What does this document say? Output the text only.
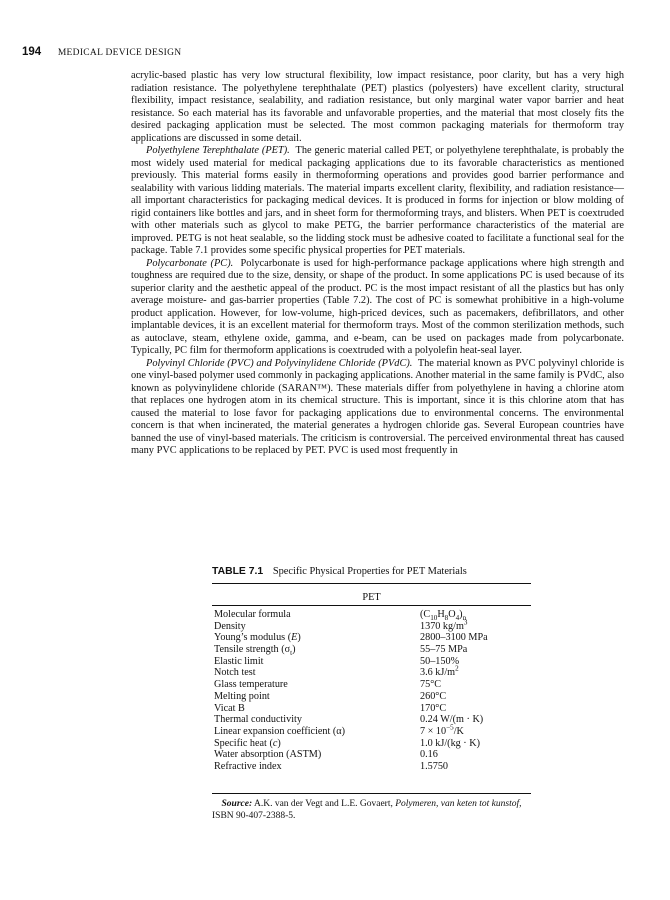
194 MEDICAL DEVICE DESIGN

acrylic-based plastic has very low structural flexibility, low impact resistance, poor clarity, but has a very high radiation resistance. The polyethylene terephthalate (PET) plastics (polyesters) have excellent clarity, structural flexibility, impact resistance, sealability, and radiation resistance, but only marginal water vapor barrier and heat resistance. So each material has its favorable and unfavorable properties, and the material that most closely fits the desired packaging application must be selected. The most common packaging materials for thermoform tray applications are discussed in some detail.

Polyethylene Terephthalate (PET). The generic material called PET, or polyethylene terephthalate, is probably the most widely used material for medical packaging applications due to its favorable characteristics as mentioned previously. This material forms easily in thermoforming operations and provides good barrier performance and sealability with various lidding materials. The material imparts excellent clarity, flexibility, and radiation resistance—all important characteristics for packaging medical devices. It is produced in forms for injection or blow molding of rigid containers like bottles and jars, and in sheet form for thermoforming trays, and blisters. When PET is coextruded with other materials such as glycol to make PETG, the barrier performance characteristics of the material are improved. PETG is not heat sealable, so the lidding stock must be adhesive coated to facilitate a functional seal for the package. Table 7.1 provides some specific physical properties for PET materials.

Polycarbonate (PC). Polycarbonate is used for high-performance package applications where high strength and toughness are required due to the size, density, or shape of the product. In some applications PC is used because of its superior clarity and the aesthetic appeal of the product. PC is the most impact resistant of all the plastics but has only average moisture- and gas-barrier properties (Table 7.2). The cost of PC is somewhat prohibitive in a high-volume product application. However, for low-volume, high-priced devices, such as pacemakers, defibrillators, and other implantable devices, it is an excellent material for thermoform trays. Most of the common sterilization methods, such as autoclave, steam, ethylene oxide, gamma, and e-beam, can be used on packages made from polycarbonate. Typically, PC film for thermoform applications is coextruded with a polyolefin heat-seal layer.

Polyvinyl Chloride (PVC) and Polyvinylidene Chloride (PVdC). The material known as PVC polyvinyl chloride is one vinyl-based polymer used commonly in packaging applications. Another material in the same family is PVdC, also known as polyvinylidene chloride (SARAN™). These materials differ from polyethylene in having a chlorine atom that replaces one hydrogen atom in its chemical structure. This is important, since it is this chlorine atom that has caused the material to lose favor for packaging applications due to environmental concerns. The environmental concern is that when incinerated, the material generates a hydrogen chloride gas. Several European countries have banned the use of vinyl-based materials. The criticism is controversial. The perceived environmental threat has caused many PVC applications to be replaced by PET. PVC is used most frequently in

TABLE 7.1 Specific Physical Properties for PET Materials
PET
Molecular formula	$(C_{10}H_8O_4)_n$
Density	1370 $kg/m^3$
Young’s modulus (E)	2800–3100 MPa
Tensile strength $(\sigma_t)$	55–75 MPa
Elastic limit	50–150%
Notch test	3.6 $kJ/m^2$
Glass temperature	75°C
Melting point	260°C
Vicat B	170°C
Thermal conductivity	0.24 W/(m · K)
Linear expansion coefficient (α)	$7 \times 10^{-5}/K$
Specific heat (c)	1.0 kJ/(kg · K)
Water absorption (ASTM)	0.16
Refractive index	1.5750
Source: A.K. van der Vegt and L.E. Govaert, Polymeren, van keten tot kunstof, ISBN 90-407-2388-5.
